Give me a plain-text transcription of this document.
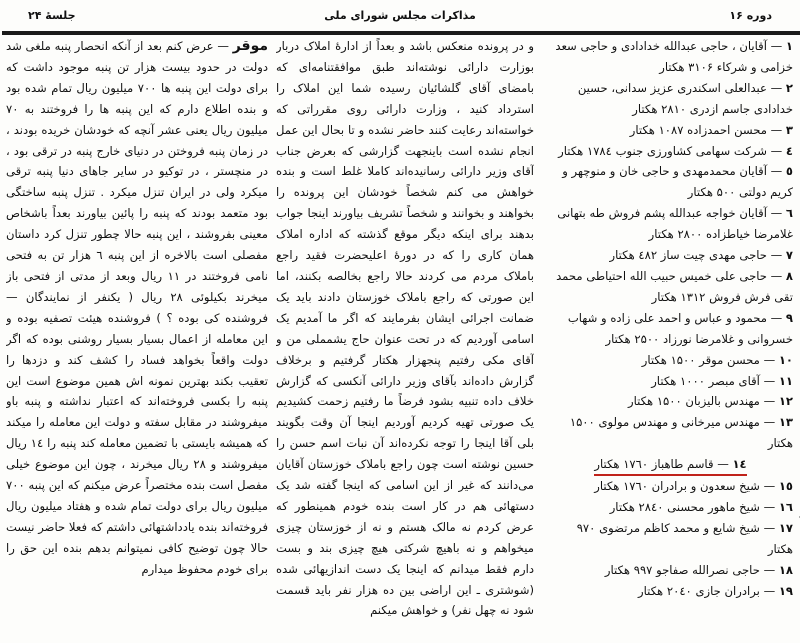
دوره ۱۶
مذاکرات مجلس شورای ملی
جلسهٔ ۲۴

۱ — آقایان ، حاجی عبدالله خدادادی و حاجی سعد خزامی و شرکاء ۳۱۰۶ هکتار

۲ — عبدالعلی اسکندری عزیز سدانی، حسین خدادادی جاسم ازدری ۲۸۱۰ هکتار

۳ — محسن احمدزاده ۱۰۸۷ هکتار

٤ — شرکت سهامی کشاورزی جنوب ۱۷۸٤ هکتار

٥ — آقایان محمدمهدی و حاجی خان و منوچهر و کریم دولتی ۵۰۰ هکتار

٦ — آقایان خواجه عبدالله پشم فروش طه بتهانی غلامرضا خیاطزاده ۲۸۰۰ هکتار

۷ — حاجی مهدی چیت ساز ٤۸۲ هکتار

۸ — حاجی علی خمیس حبیب الله احتیاطی محمد تقی فرش فروش ۱۳۱۲ هکتار

۹ — محمود و عباس و احمد علی زاده و شهاب خسروانی و غلامرضا نورزاد ۲۵۰۰ هکتار

۱۰ — محسن موقر ۱۵۰۰ هکتار

۱۱ — آقای مبصر ۱۰۰۰ هکتار

۱۲ — مهندس بالیزبان ۱۵۰۰ هکتار

۱۳ — مهندس میرخانی و مهندس مولوی ۱۵۰۰ هکتار

۱٤ — قاسم طاهباز ۱۷٦۰ هکتار

۱٥ — شیخ سعدون و برادران ۱۷٦۰ هکتار

۱٦ — شیخ ماهور محسنی ۲۸٤۰ هکتار

۱۷ — شیخ شایع و محمد کاظم مرتضوی ۹۷۰ هکتار

۱۸ — حاجی نصرالله صفاجو ۹۹۷ هکتار

۱۹ — برادران جازی ۲۰٤۰ هکتار

و در پرونده منعکس باشد و بعداً از ادارهٔ املاک دربار بوزارت دارائی نوشته‌اند طبق موافقتنامه‌ای که بامضای آقای گلشائیان رسیده شما این املاک را استرداد کنید ، وزارت دارائی روی مقرراتی که خواسته‌اند رعایت کنند حاضر نشده و تا بحال این عمل انجام نشده است باینجهت گزارشی که بعرض جناب آقای وزیر دارائی رسانیده‌اند کاملا غلط است و بنده خواهش می کنم شخصاً خودشان این پرونده را بخواهند و بخوانند و شخصاً تشریف بیاورند اینجا جواب بدهند برای اینکه دیگر موقع گذشته که اداره املاک همان کاری را که در دورهٔ اعلیحضرت فقید راجع باملاک مردم می کردند حالا راجع بخالصه بکنند، اما این صورتی که راجع باملاک خوزستان دادند باید یک ضمانت اجرائی ایشان بفرمایند که اگر ما آمدیم یک اسامی آوردیم که در تحت عنوان حاج یشمملی من و آقای مکی رفتیم پنجهزار هکتار گرفتیم و برخلاف گزارش داده‌اند بآقای وزیر دارائی آنکسی که گزارش خلاف داده تنبیه بشود فرضاً ما رفتیم زحمت کشیدیم یک صورتی تهیه کردیم آوردیم اینجا آن وقت بگویند بلی آقا اینجا را توجه نکرده‌اند آن نبات اسم حسن را حسین نوشته است چون راجع باملاک خوزستان آقایان می‌دانند که غیر از این اسامی که اینجا گفته شد یک دستهائی هم در کار است بنده خودم همینطور که عرض کردم نه مالک هستم و نه از خوزستان چیزی میخواهم و نه باهیچ شرکتی هیچ چیزی بند و بست دارم فقط میدانم که اینجا یک دست اندازیهائی شده (شوشتری ـ این اراضی بین ده هزار نفر باید قسمت شود نه چهل نفر) و خواهش میکنم

موقر — عرض کنم بعد از آنکه انحصار پنبه ملغی شد دولت در حدود بیست هزار تن پنبه موجود داشت که برای دولت این پنبه ها ۷۰۰ میلیون ریال تمام شده بود و بنده اطلاع دارم که این پنبه ها را فروختند به ۷۰ میلیون ریال یعنی عشر آنچه که خودشان خریده بودند ، در زمان پنبه فروختن در دنیای خارج پنبه در ترقی بود ، در منچستر ، در توکیو در سایر جاهای دنیا پنبه ترقی میکرد ولی در ایران تنزل میکرد . تنزل پنبه ساختگی بود متعمد بودند که پنبه را پائین بیاورند بعداً باشخاص معینی بفروشند ، این پنبه حالا چطور تنزل کرد داستان مفصلی است بالاخره از این پنبه ٦ هزار تن به فتحی نامی فروختند در ۱۱ ریال وبعد از مدتی از فتحی باز میخرند بکیلوئی ۲۸ ریال ( یکنفر از نمایندگان — فروشنده کی بوده ؟ ) فروشنده هیئت تصفیه بوده و این معامله از اعمال بسیار بسیار روشنی بوده که اگر دولت واقعاً بخواهد فساد را کشف کند و دزدها را تعقیب بکند بهترین نمونه اش همین موضوع است این پنبه را بکسی فروخته‌اند که اعتبار نداشته و پنبه باو میفروشند در مقابل سفته و دولت این معامله را میکند که همیشه بایستی با تضمین معامله کند پنبه را ۱٤ ریال میفروشند و ۲۸ ریال میخرند ، چون این موضوع خیلی مفصل است بنده مختصراً عرض میکنم که این پنبه ۷۰۰ میلیون ریال برای دولت تمام شده و هفتاد میلیون ریال فروخته‌اند بنده یادداشتهائی داشتم که فعلا حاضر نیست حالا چون توضیح کافی نمیتوانم بدهم بنده این حق را برای خودم محفوظ میدارم
